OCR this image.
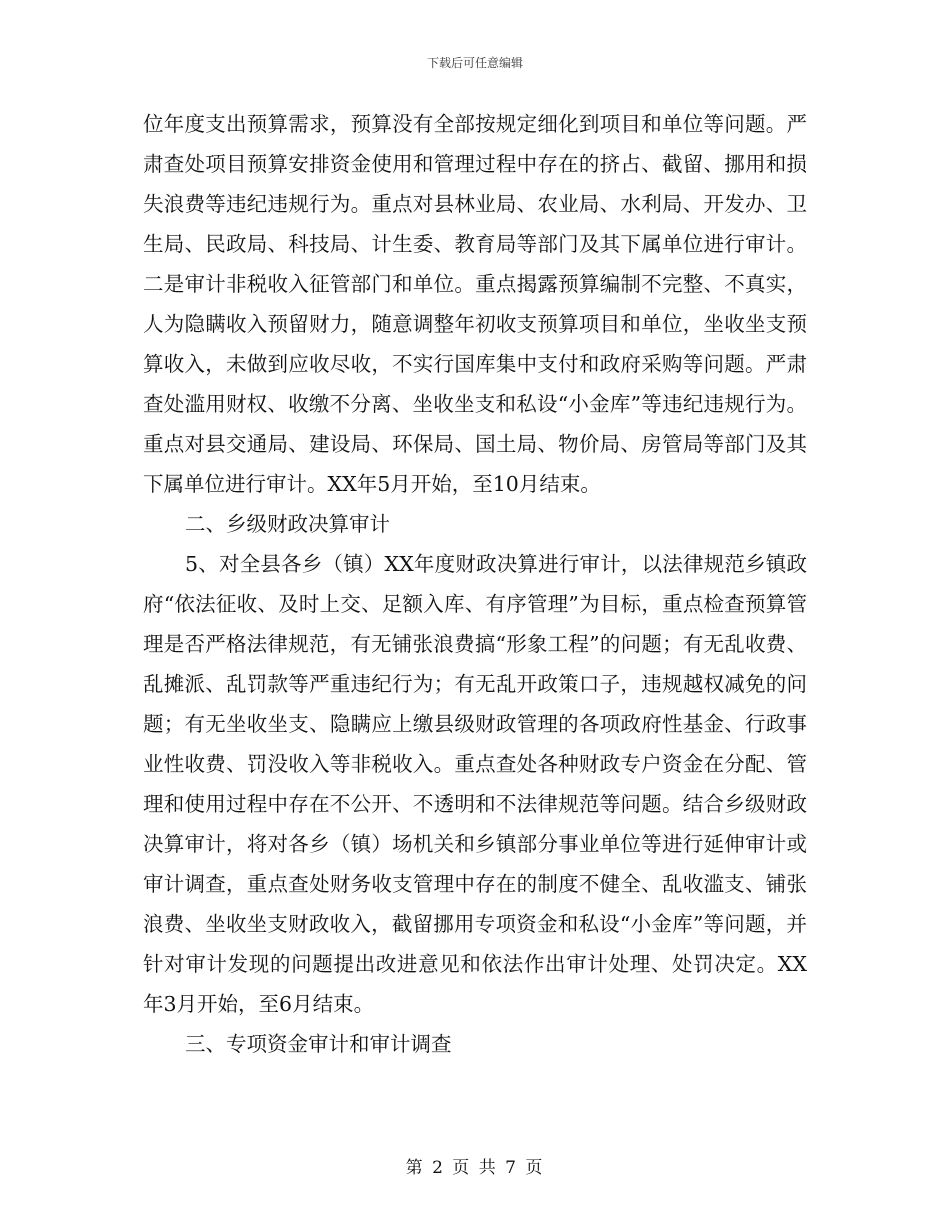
下载后可任意编辑

位年度支出预算需求，预算没有全部按规定细化到项目和单位等问题。严肃查处项目预算安排资金使用和管理过程中存在的挤占、截留、挪用和损失浪费等违纪违规行为。重点对县林业局、农业局、水利局、开发办、卫生局、民政局、科技局、计生委、教育局等部门及其下属单位进行审计。二是审计非税收入征管部门和单位。重点揭露预算编制不完整、不真实，人为隐瞒收入预留财力，随意调整年初收支预算项目和单位，坐收坐支预算收入，未做到应收尽收，不实行国库集中支付和政府采购等问题。严肃查处滥用财权、收缴不分离、坐收坐支和私设“小金库”等违纪违规行为。重点对县交通局、建设局、环保局、国土局、物价局、房管局等部门及其下属单位进行审计。XX年5月开始，至10月结束。

二、乡级财政决算审计

5、对全县各乡（镇）XX年度财政决算进行审计，以法律规范乡镇政府“依法征收、及时上交、足额入库、有序管理”为目标，重点检查预算管理是否严格法律规范，有无铺张浪费搞“形象工程”的问题；有无乱收费、乱摊派、乱罚款等严重违纪行为；有无乱开政策口子，违规越权减免的问题；有无坐收坐支、隐瞒应上缴县级财政管理的各项政府性基金、行政事业性收费、罚没收入等非税收入。重点查处各种财政专户资金在分配、管理和使用过程中存在不公开、不透明和不法律规范等问题。结合乡级财政决算审计，将对各乡（镇）场机关和乡镇部分事业单位等进行延伸审计或审计调查，重点查处财务收支管理中存在的制度不健全、乱收滥支、铺张浪费、坐收坐支财政收入，截留挪用专项资金和私设“小金库”等问题，并针对审计发现的问题提出改进意见和依法作出审计处理、处罚决定。XX年3月开始，至6月结束。

三、专项资金审计和审计调查

第 2 页 共 7 页
